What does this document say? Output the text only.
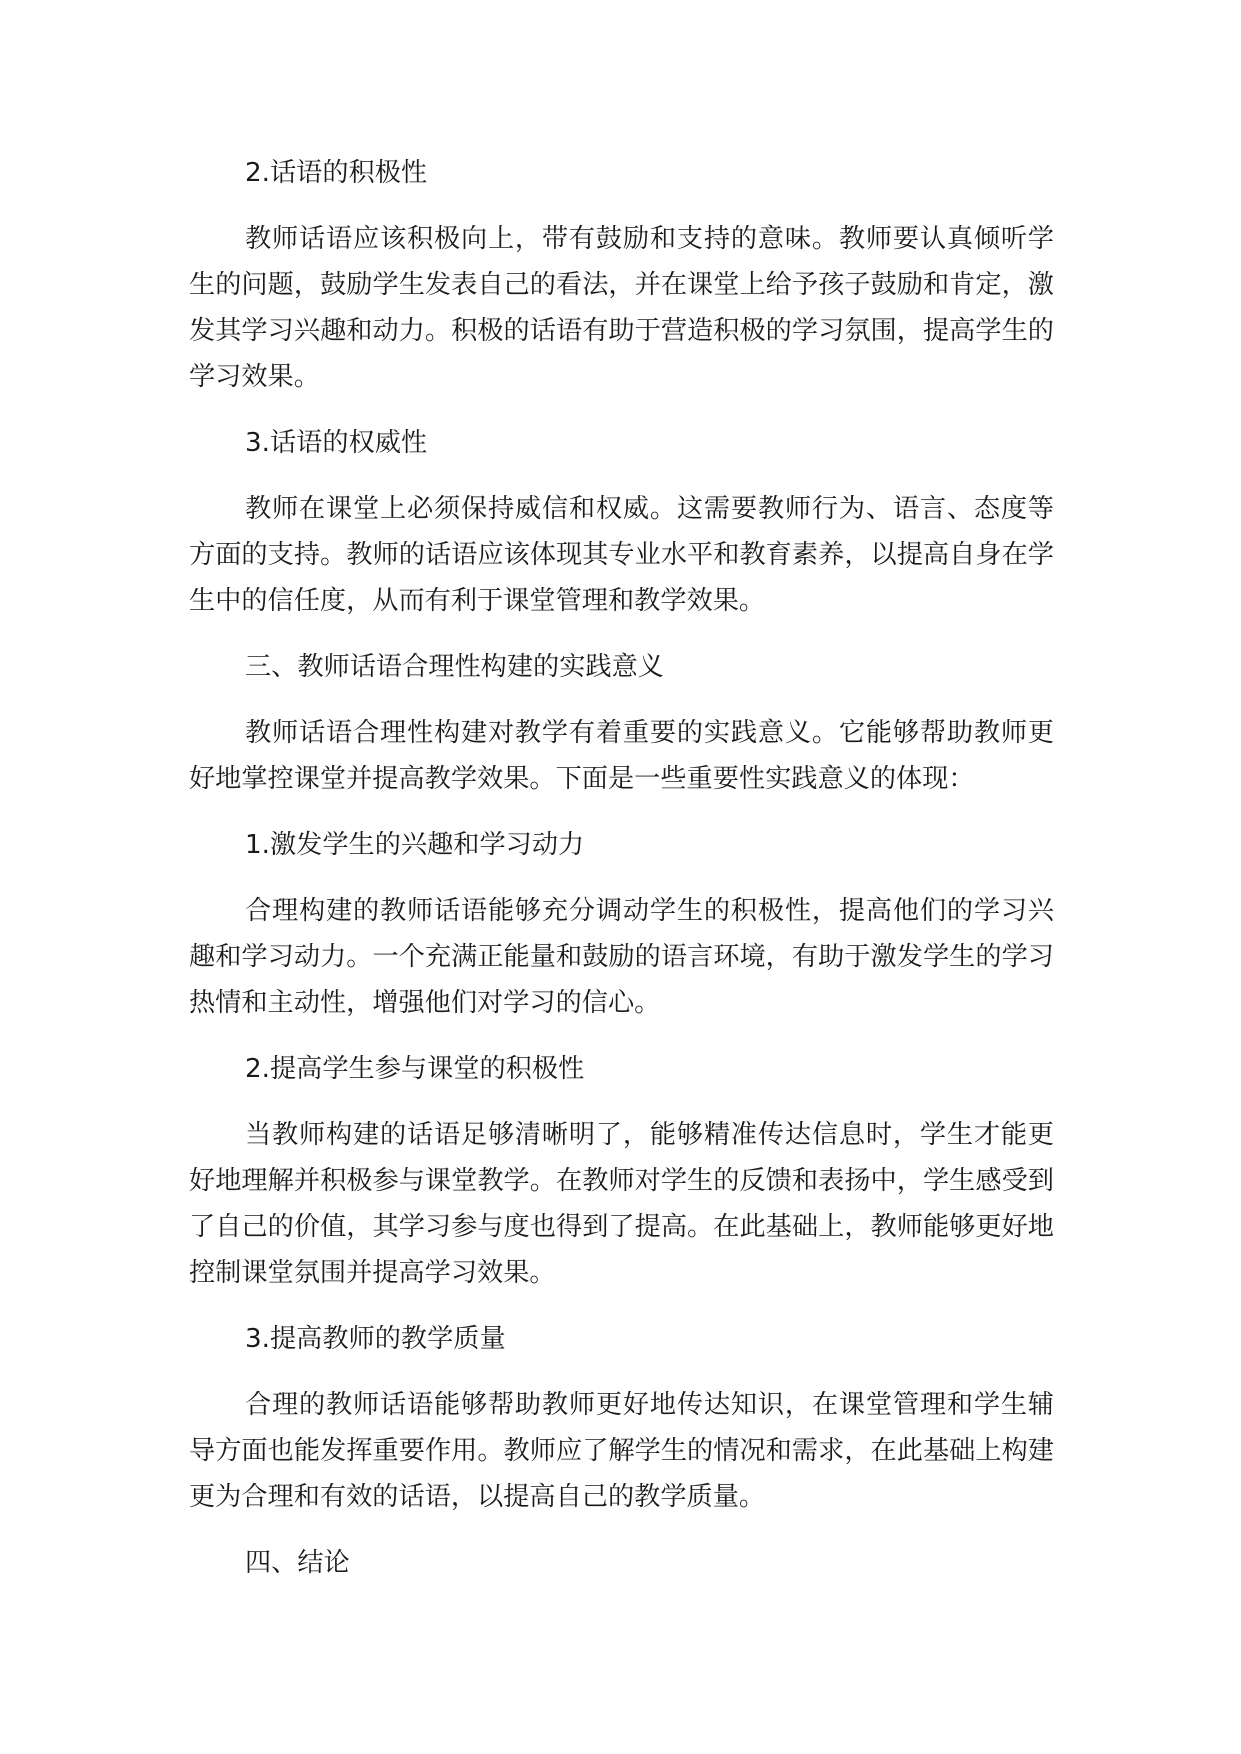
2.话语的积极性

教师话语应该积极向上，带有鼓励和支持的意味。教师要认真倾听学生的问题，鼓励学生发表自己的看法，并在课堂上给予孩子鼓励和肯定，激发其学习兴趣和动力。积极的话语有助于营造积极的学习氛围，提高学生的学习效果。

3.话语的权威性

教师在课堂上必须保持威信和权威。这需要教师行为、语言、态度等方面的支持。教师的话语应该体现其专业水平和教育素养，以提高自身在学生中的信任度，从而有利于课堂管理和教学效果。

三、教师话语合理性构建的实践意义

教师话语合理性构建对教学有着重要的实践意义。它能够帮助教师更好地掌控课堂并提高教学效果。下面是一些重要性实践意义的体现：

1.激发学生的兴趣和学习动力

合理构建的教师话语能够充分调动学生的积极性，提高他们的学习兴趣和学习动力。一个充满正能量和鼓励的语言环境，有助于激发学生的学习热情和主动性，增强他们对学习的信心。

2.提高学生参与课堂的积极性

当教师构建的话语足够清晰明了，能够精准传达信息时，学生才能更好地理解并积极参与课堂教学。在教师对学生的反馈和表扬中，学生感受到了自己的价值，其学习参与度也得到了提高。在此基础上，教师能够更好地控制课堂氛围并提高学习效果。

3.提高教师的教学质量

合理的教师话语能够帮助教师更好地传达知识，在课堂管理和学生辅导方面也能发挥重要作用。教师应了解学生的情况和需求，在此基础上构建更为合理和有效的话语，以提高自己的教学质量。

四、结论
